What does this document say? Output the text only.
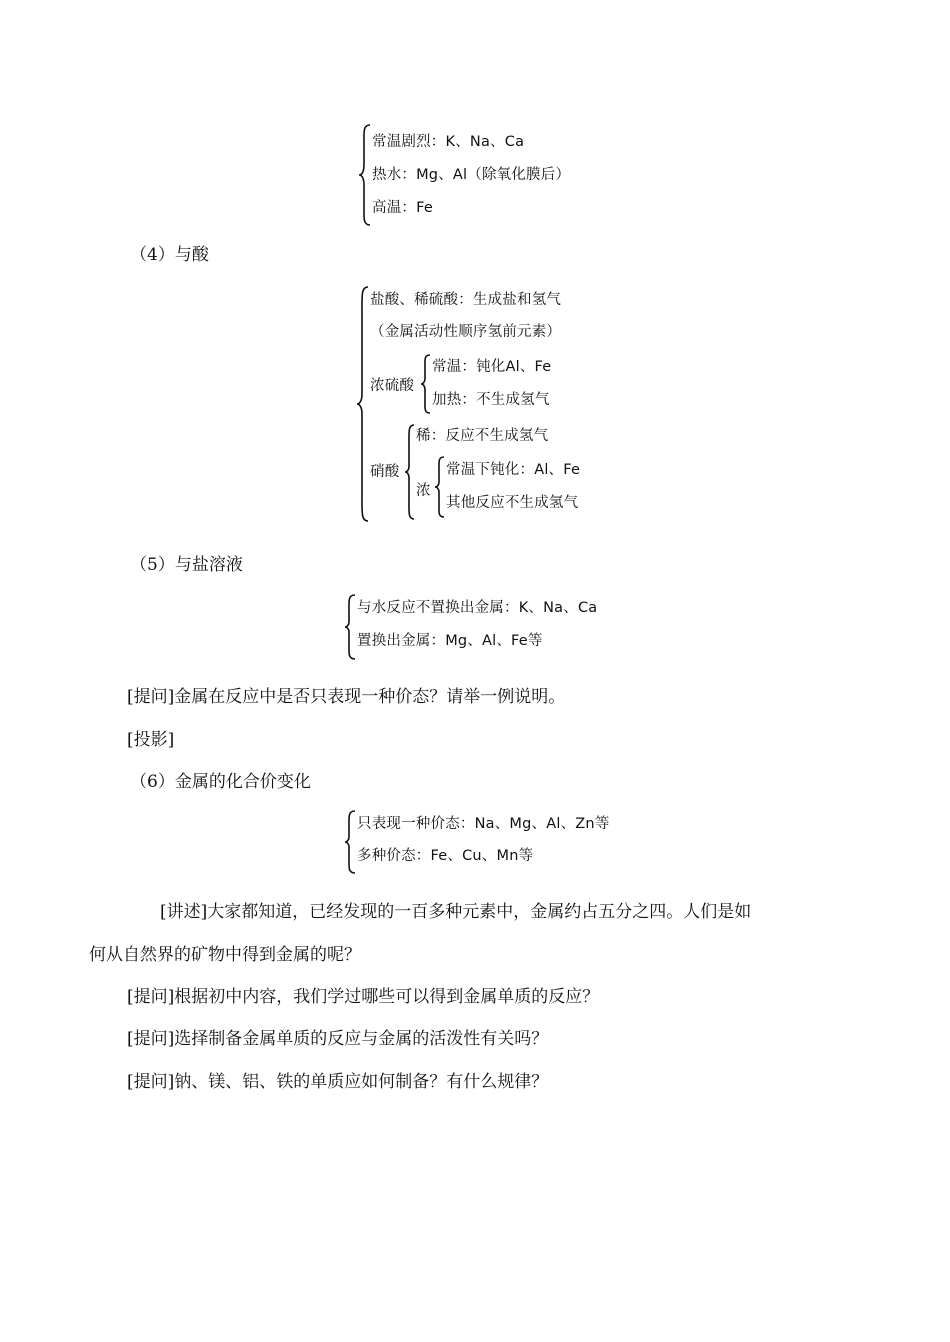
常温剧烈：K、Na、Ca
热水：Mg、Al（除氧化膜后）
高温：Fe
（4）与酸
盐酸、稀硫酸：生成盐和氢气
（金属活动性顺序氢前元素）
浓硫酸
常温：钝化Al、Fe
加热：不生成氢气
硝酸
稀：反应不生成氢气
浓
常温下钝化：Al、Fe
其他反应不生成氢气
（5）与盐溶液
与水反应不置换出金属：K、Na、Ca
置换出金属：Mg、Al、Fe等
[提问]金属在反应中是否只表现一种价态？请举一例说明。
[投影]
（6）金属的化合价变化
只表现一种价态：Na、Mg、Al、Zn等
多种价态：Fe、Cu、Mn等
[讲述]大家都知道，已经发现的一百多种元素中，金属约占五分之四。人们是如
何从自然界的矿物中得到金属的呢？
[提问]根据初中内容，我们学过哪些可以得到金属单质的反应？
[提问]选择制备金属单质的反应与金属的活泼性有关吗？
[提问]钠、镁、铝、铁的单质应如何制备？有什么规律？
